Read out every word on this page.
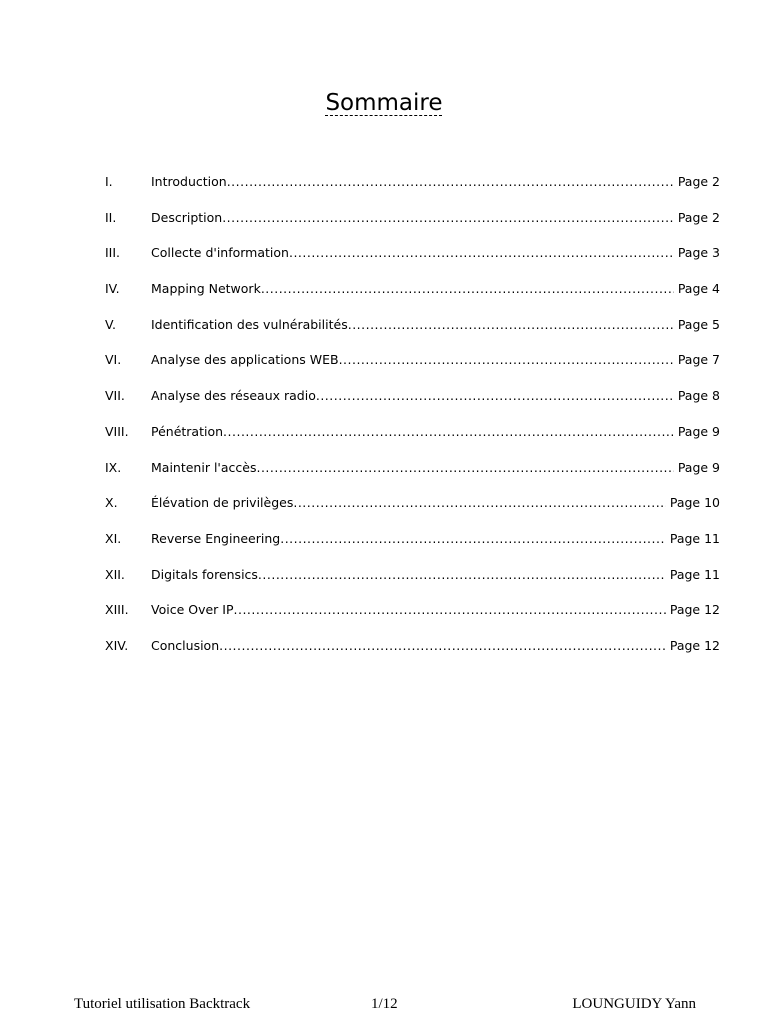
Sommaire
I.	Introduction .....	Page 2
II.	Description .....	Page 2
III.	Collecte d'information .....	Page 3
IV.	Mapping Network .....	Page 4
V.	Identification des vulnérabilités .....	Page 5
VI.	Analyse des applications WEB .....	Page 7
VII.	Analyse des réseaux radio .....	Page 8
VIII.	Pénétration .....	Page 9
IX.	Maintenir l'accès .....	Page 9
X.	Élévation de privilèges .....	Page 10
XI.	Reverse Engineering .....	Page 11
XII.	Digitals forensics .....	Page 11
XIII.	Voice Over IP .....	Page 12
XIV.	Conclusion .....	Page 12
Tutoriel utilisation Backtrack	1/12	LOUNGUIDY Yann
